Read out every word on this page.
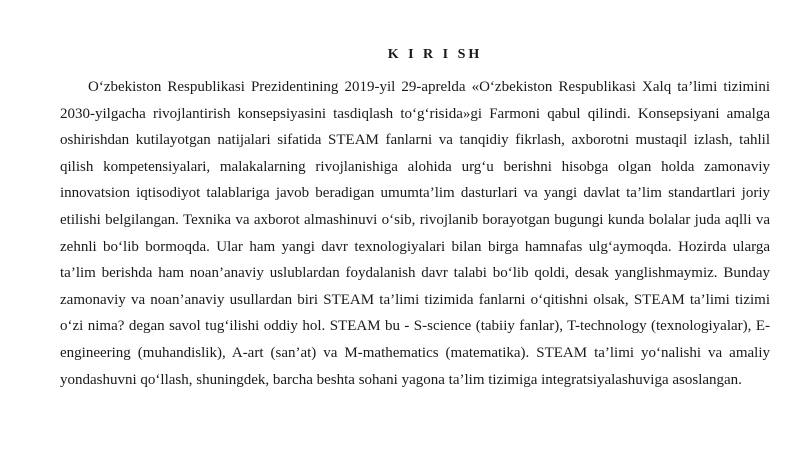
K I R I SH

O‘zbekiston Respublikasi Prezidentining 2019-yil 29-aprelda «O‘zbekiston Respublikasi Xalq ta’limi tizimini 2030-yilgacha rivojlantirish konsepsiyasini tasdiqlash to‘g‘risida»gi Farmoni qabul qilindi. Konsepsiyani amalga oshirishdan kutilayotgan natijalari sifatida STEAM fanlarni va tanqidiy fikrlash, axborotni mustaqil izlash, tahlil qilish kompetensiyalari, malakalarning rivojlanishiga alohida urg‘u berishni hisobga olgan holda zamonaviy innovatsion iqtisodiyot talablariga javob beradigan umumta’lim dasturlari va yangi davlat ta’lim standartlari joriy etilishi belgilangan. Texnika va axborot almashinuvi o‘sib, rivojlanib borayotgan bugungi kunda bolalar juda aqlli va zehnli bo‘lib bormoqda. Ular ham yangi davr texnologiyalari bilan birga hamnafas ulg‘aymoqda. Hozirda ularga ta’lim berishda ham noan’anaviy uslublardan foydalanish davr talabi bo‘lib qoldi, desak yanglishmaymiz. Bunday zamonaviy va noan’anaviy usullardan biri STEAM ta’limi tizimida fanlarni o‘qitishni olsak, STEAM ta’limi tizimi o‘zi nima? degan savol tug‘ilishi oddiy hol. STEAM bu - S-science (tabiiy fanlar), T-technology (texnologiyalar), E-engineering (muhandislik), A-art (san’at) va M-mathematics (matematika). STEAM ta’limi yo‘nalishi va amaliy yondashuvni qo‘llash, shuningdek, barcha beshta sohani yagona ta’lim tizimiga integratsiyalashuviga asoslangan.
